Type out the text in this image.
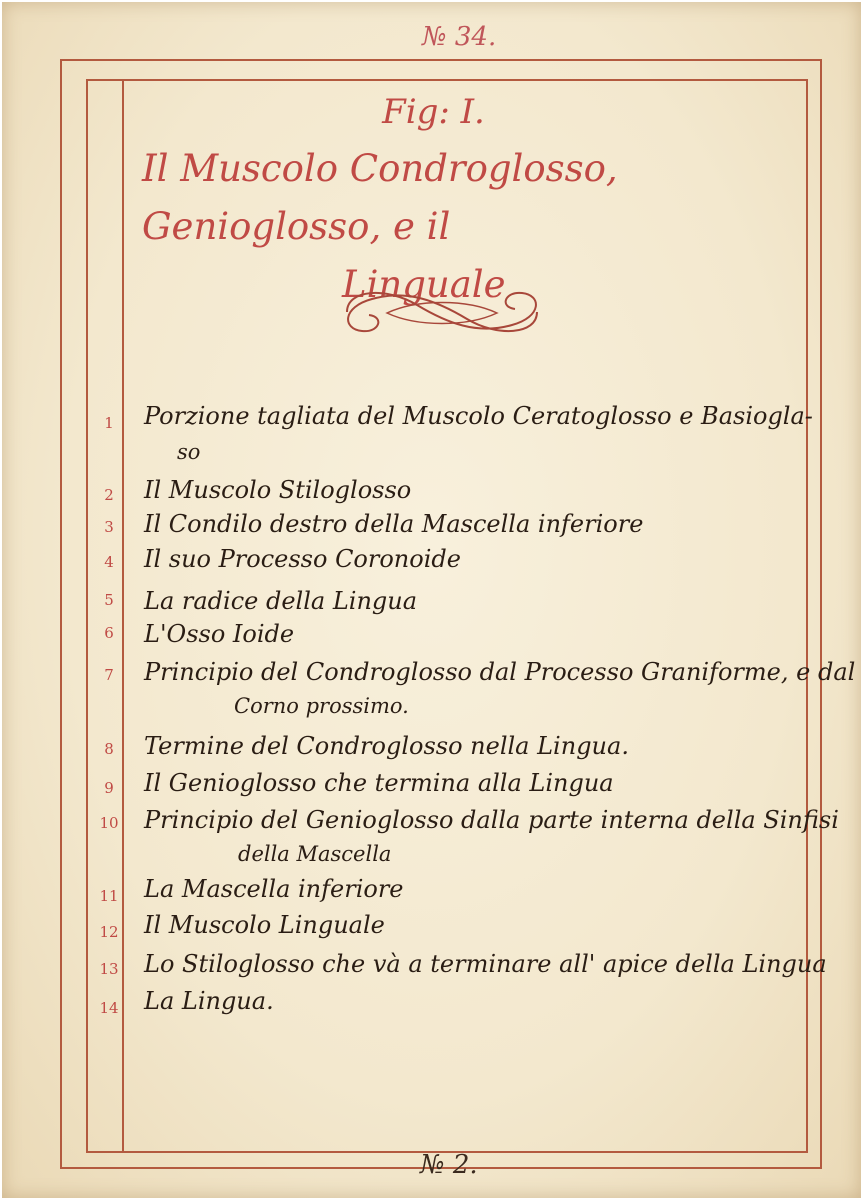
№ 34.
Fig: I.
Il Muscolo Condroglosso, Genioglosso, e il
Linguale
1	Porzione tagliata del Muscolo Ceratoglosso e Basiogla-
so
2	Il Muscolo Stiloglosso
3	Il Condilo destro della Mascella inferiore
4	Il suo Processo Coronoide
5	La radice della Lingua
6	L'Osso Ioide
7	Principio del Condroglosso dal Processo Graniforme, e dal
Corno prossimo.
8	Termine del Condroglosso nella Lingua.
9	Il Genioglosso che termina alla Lingua
10 Principio del Genioglosso dalla parte interna della Sinfisi
della Mascella
11 La Mascella inferiore
12 Il Muscolo Linguale
13 Lo Stiloglosso che và a terminare all' apice della Lingua
14 La Lingua.
№ 2.
